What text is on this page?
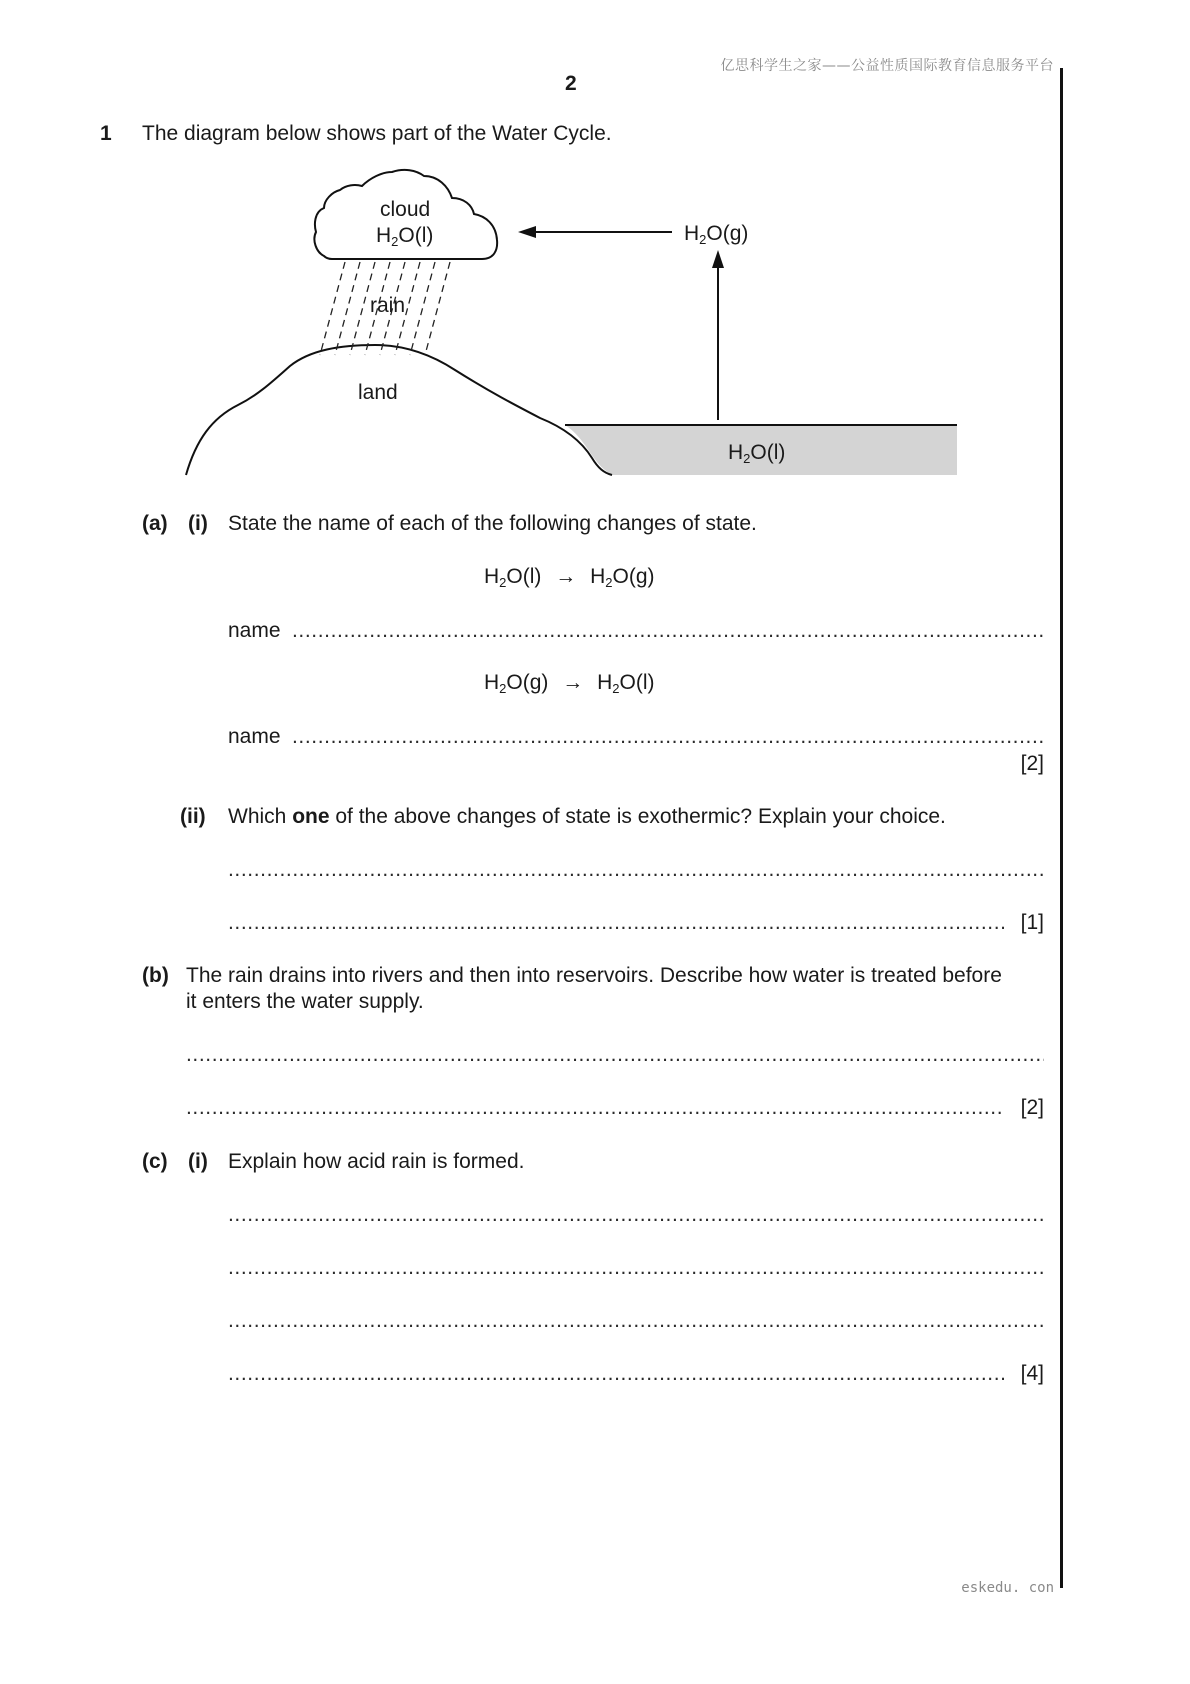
亿思科学生之家——公益性质国际教育信息服务平台
2
eskedu. con
1 The diagram below shows part of the Water Cycle.
cloud
$H_2O(l)$	$H_2O(g)$
rain
land
$H_2O(l)$
(a) (i) State the name of each of the following changes of state.
$H_2O(l) \to H_2O(g)$
name
.....
$H_2O(g) \to H_2O(l)$
name
.....
[2]
(ii) Which one of the above changes of state is exothermic? Explain your choice.
.....
.....
[1]
(b) The rain drains into rivers and then into reservoirs. Describe how water is treated before
it enters the water supply.
.....
.....
[2]
(c) (i) Explain how acid rain is formed.
.....
.....
.....
.....
[4]
